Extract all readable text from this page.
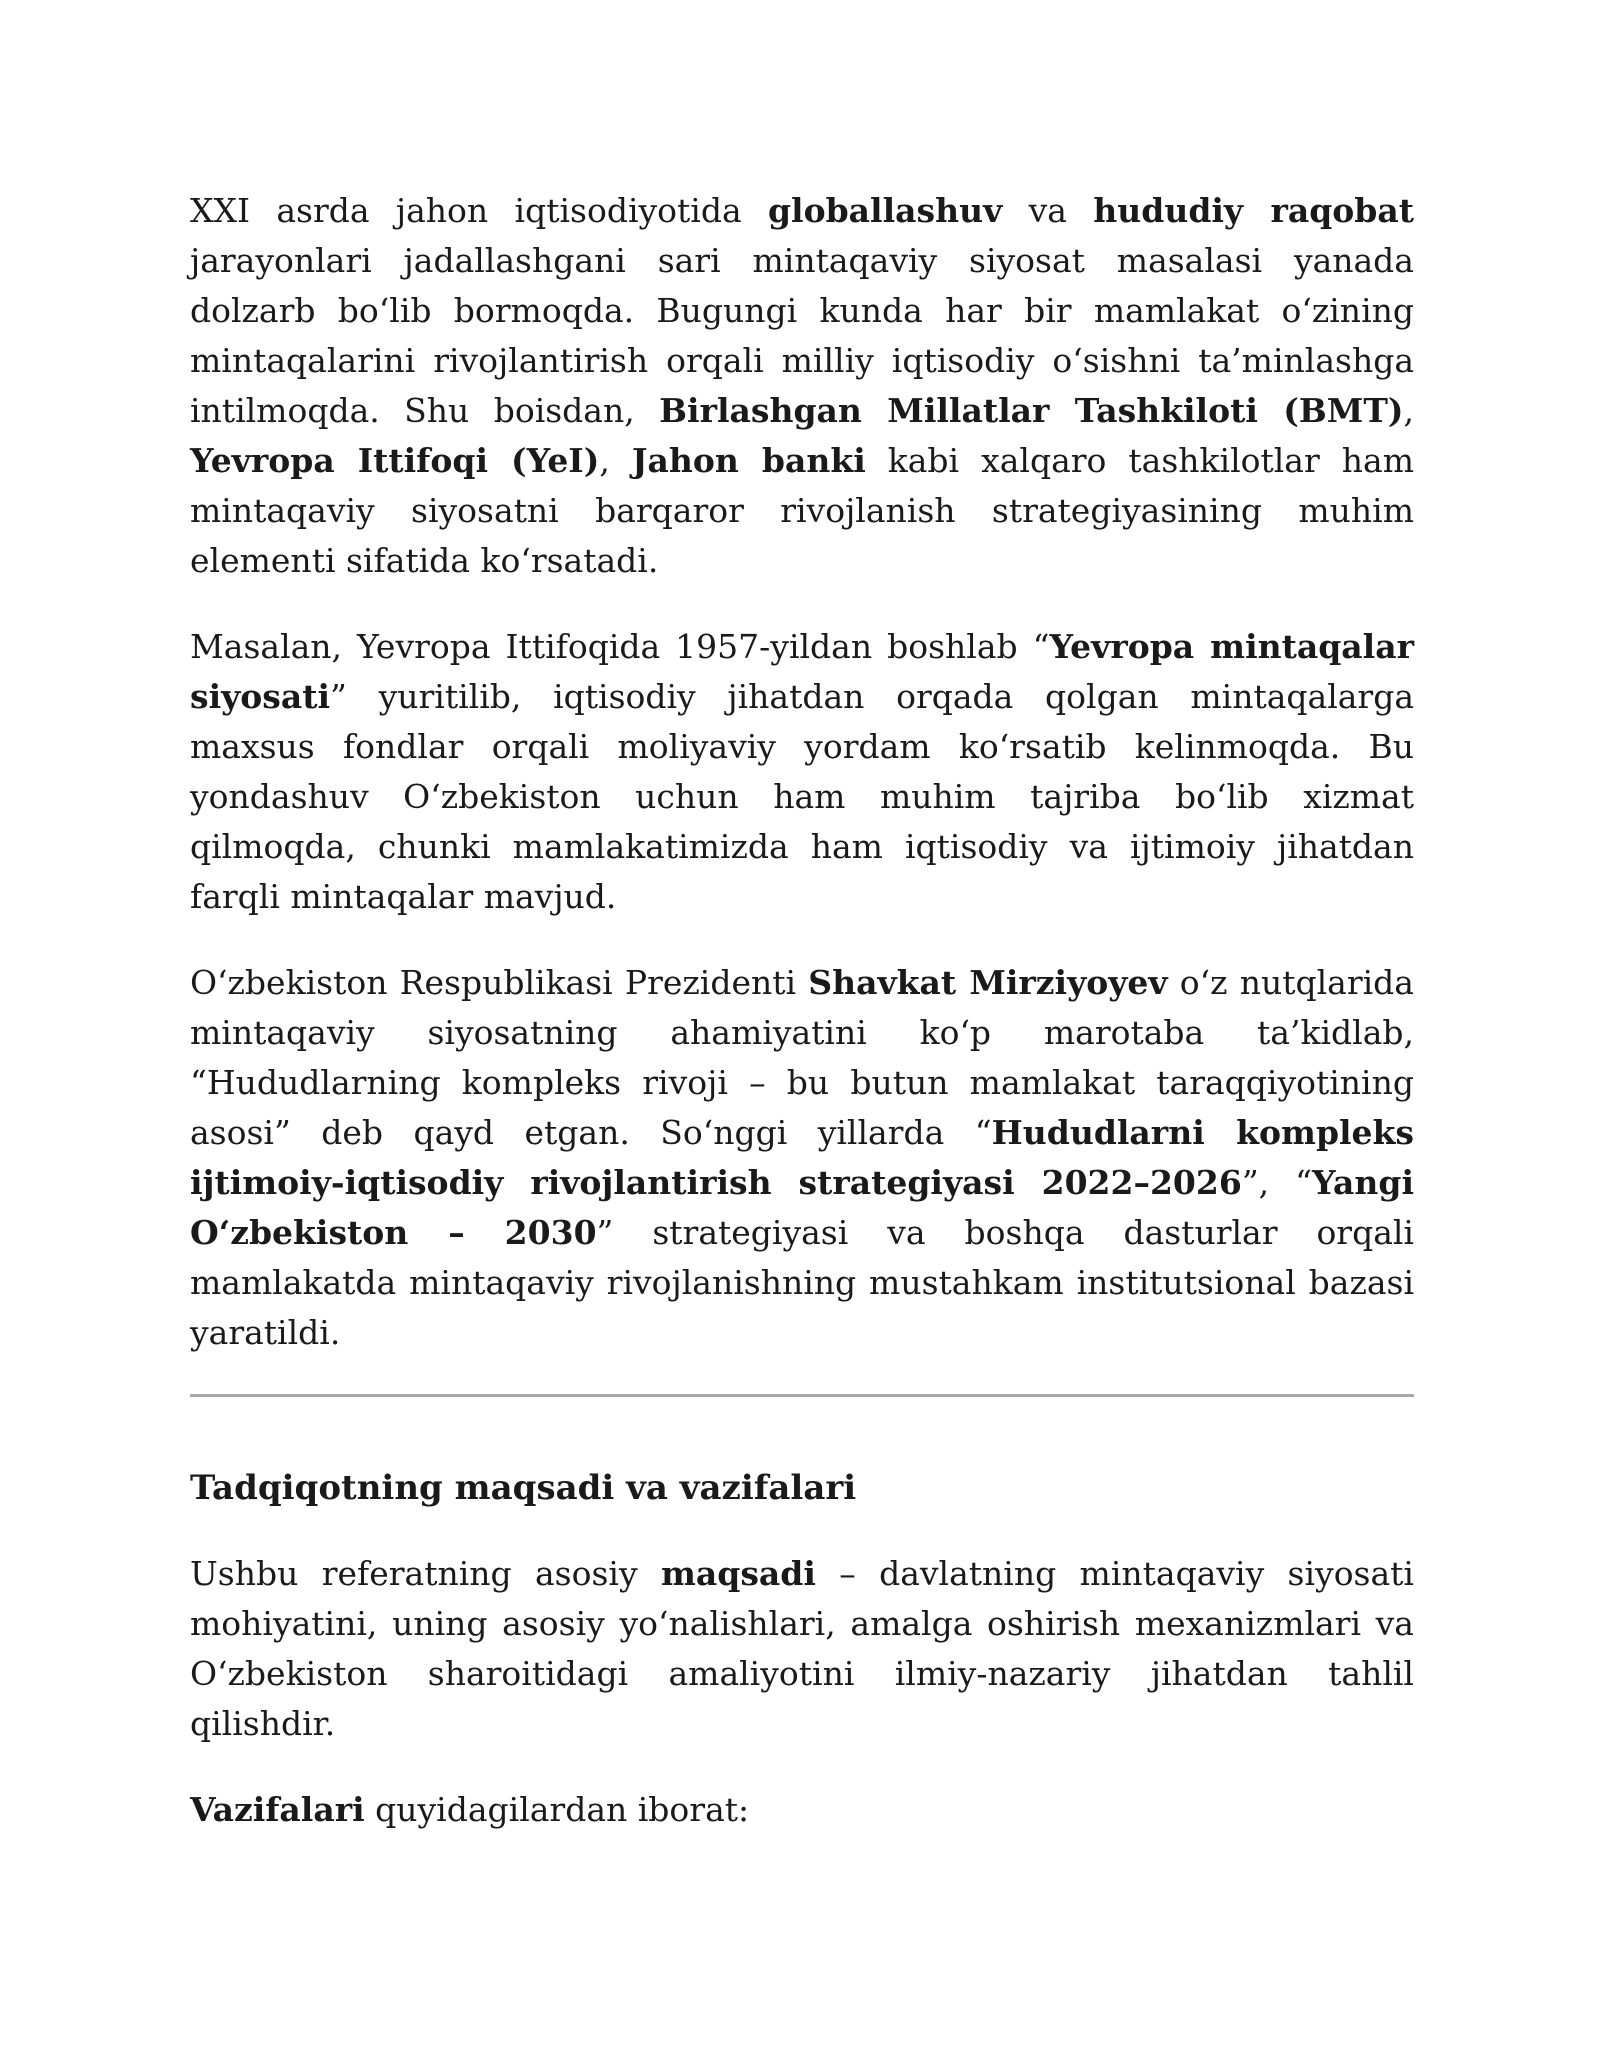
XXI asrda jahon iqtisodiyotida globallashuv va hududiy raqobat jarayonlari jadallashgani sari mintaqaviy siyosat masalasi yanada dolzarb bo‘lib bormoqda. Bugungi kunda har bir mamlakat o‘zining mintaqalarini rivojlantirish orqali milliy iqtisodiy o‘sishni ta’minlashga intilmoqda. Shu boisdan, Birlashgan Millatlar Tashkiloti (BMT), Yevropa Ittifoqi (YeI), Jahon banki kabi xalqaro tashkilotlar ham mintaqaviy siyosatni barqaror rivojlanish strategiyasining muhim elementi sifatida ko‘rsatadi.

Masalan, Yevropa Ittifoqida 1957-yildan boshlab “Yevropa mintaqalar siyosati” yuritilib, iqtisodiy jihatdan orqada qolgan mintaqalarga maxsus fondlar orqali moliyaviy yordam ko‘rsatib kelinmoqda. Bu yondashuv O‘zbekiston uchun ham muhim tajriba bo‘lib xizmat qilmoqda, chunki mamlakatimizda ham iqtisodiy va ijtimoiy jihatdan farqli mintaqalar mavjud.

O‘zbekiston Respublikasi Prezidenti Shavkat Mirziyoyev o‘z nutqlarida mintaqaviy siyosatning ahamiyatini ko‘p marotaba ta’kidlab, “Hududlarning kompleks rivoji – bu butun mamlakat taraqqiyotining asosi” deb qayd etgan. So‘nggi yillarda “Hududlarni kompleks ijtimoiy-iqtisodiy rivojlantirish strategiyasi 2022–2026”, “Yangi O‘zbekiston – 2030” strategiyasi va boshqa dasturlar orqali mamlakatda mintaqaviy rivojlanishning mustahkam institutsional bazasi yaratildi.

Tadqiqotning maqsadi va vazifalari

Ushbu referatning asosiy maqsadi – davlatning mintaqaviy siyosati mohiyatini, uning asosiy yo‘nalishlari, amalga oshirish mexanizmlari va O‘zbekiston sharoitidagi amaliyotini ilmiy-nazariy jihatdan tahlil qilishdir.

Vazifalari quyidagilardan iborat:
